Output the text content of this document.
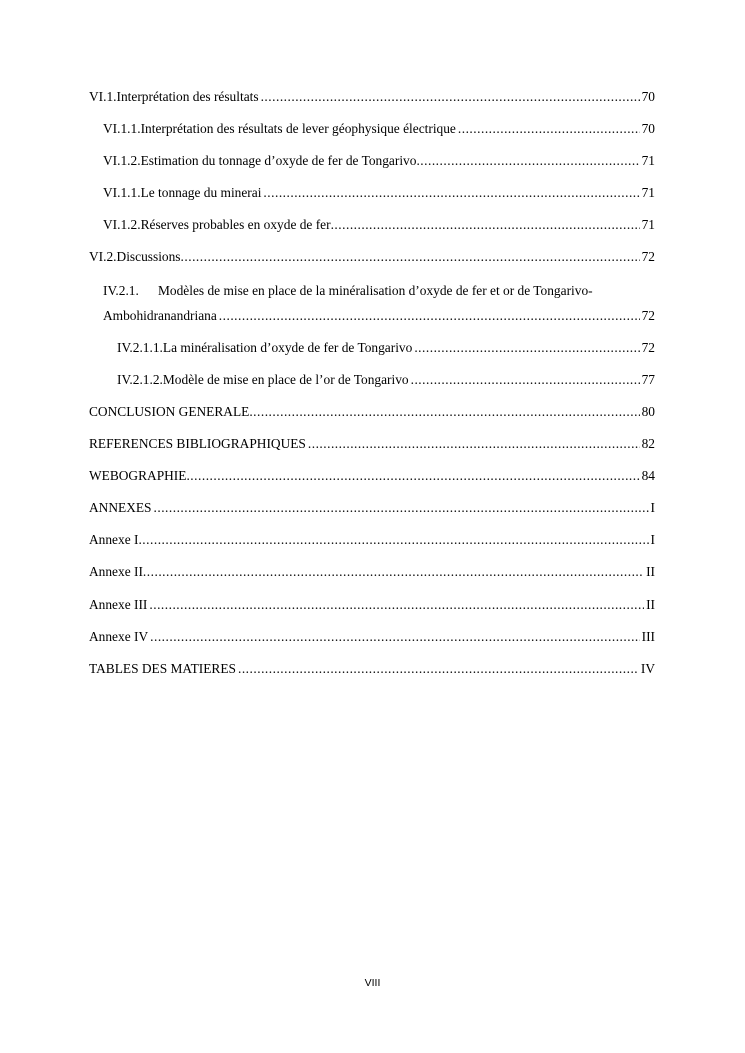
VI.1. Interprétation des résultats .....	70
VI.1.1. Interprétation des résultats de lever géophysique électrique .....	70
VI.1.2. Estimation du tonnage d’oxyde de fer de Tongarivo .....	71
VI.1.1. Le tonnage du minerai .....	71
VI.1.2. Réserves probables en oxyde de fer .....	71
VI.2. Discussions .....	72
IV.2.1. Modèles de mise en place de la minéralisation d’oxyde de fer et or de Tongarivo-
Ambohidranandriana .....	72
IV.2.1.1. La minéralisation d’oxyde de fer de Tongarivo .....	72
IV.2.1.2. Modèle de mise en place de l’or de Tongarivo .....	77
CONCLUSION GENERALE .....	80
REFERENCES BIBLIOGRAPHIQUES .....	82
WEBOGRAPHIE .....	84
ANNEXES .....	I
Annexe I .....	I
Annexe II .....	II
Annexe III .....	II
Annexe IV .....	III
TABLES DES MATIERES .....	IV
VIII
